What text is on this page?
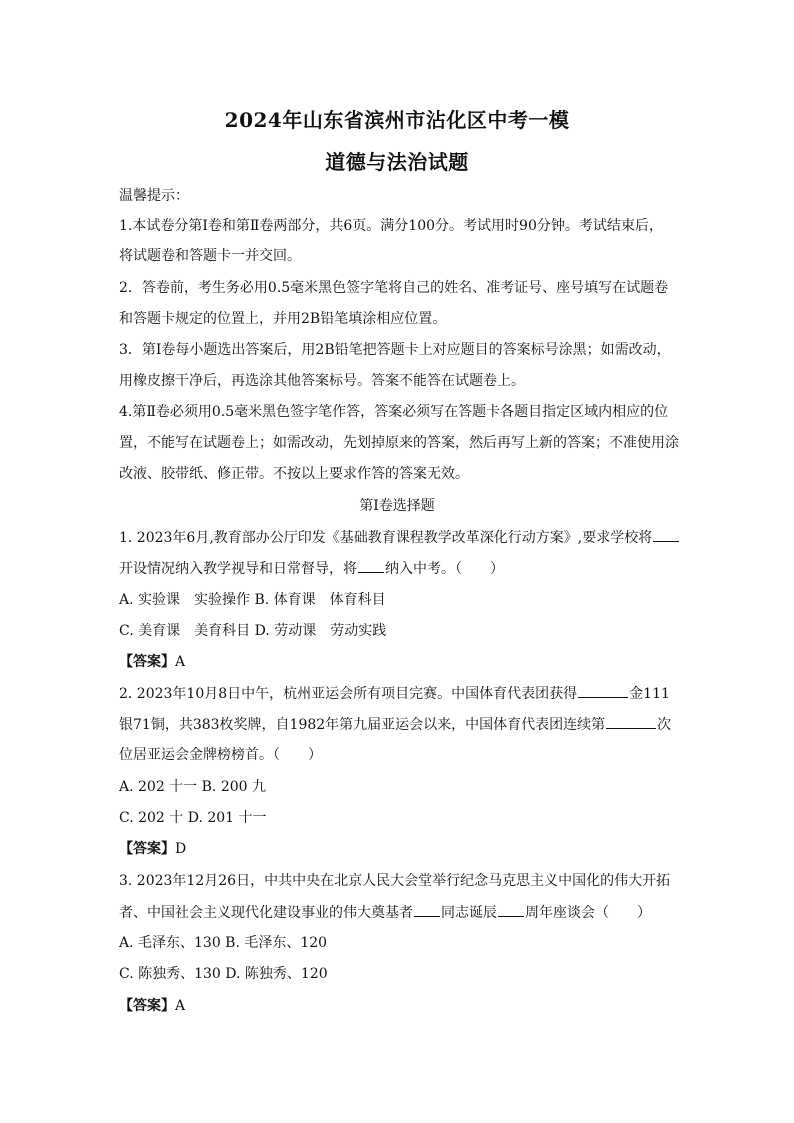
2024年山东省滨州市沾化区中考一模
道德与法治试题
温馨提示：
1.本试卷分第Ⅰ卷和第Ⅱ卷两部分，共6页。满分100分。考试用时90分钟。考试结束后，
将试题卷和答题卡一并交回。
2．答卷前，考生务必用0.5毫米黑色签字笔将自己的姓名、准考证号、座号填写在试题卷
和答题卡规定的位置上，并用2B铅笔填涂相应位置。
3．第Ⅰ卷每小题选出答案后，用2B铅笔把答题卡上对应题目的答案标号涂黑；如需改动，
用橡皮擦干净后，再选涂其他答案标号。答案不能答在试题卷上。
4.第Ⅱ卷必须用0.5毫米黑色签字笔作答，答案必须写在答题卡各题目指定区域内相应的位
置，不能写在试题卷上；如需改动，先划掉原来的答案，然后再写上新的答案；不准使用涂
改液、胶带纸、修正带。不按以上要求作答的答案无效。
第Ⅰ卷选择题
1. 2023年6月,教育部办公厅印发《基础教育课程教学改革深化行动方案》,要求学校将
开设情况纳入教学视导和日常督导，将 纳入中考。（　　）
A. 实验课　实验操作 B. 体育课　体育科目
C. 美育课　美育科目 D. 劳动课　劳动实践
【答案】A
2. 2023年10月8日中午，杭州亚运会所有项目完赛。中国体育代表团获得	金111
银71铜，共383枚奖牌，自1982年第九届亚运会以来，中国体育代表团连续第	次
位居亚运会金牌榜榜首。（　　）
A. 202 十一 B. 200 九
C. 202 十 D. 201 十一
【答案】D
3. 2023年12月26日，中共中央在北京人民大会堂举行纪念马克思主义中国化的伟大开拓
者、中国社会主义现代化建设事业的伟大奠基者 同志诞辰 周年座谈会（　　）
A. 毛泽东、130 B. 毛泽东、120
C. 陈独秀、130 D. 陈独秀、120
【答案】A
